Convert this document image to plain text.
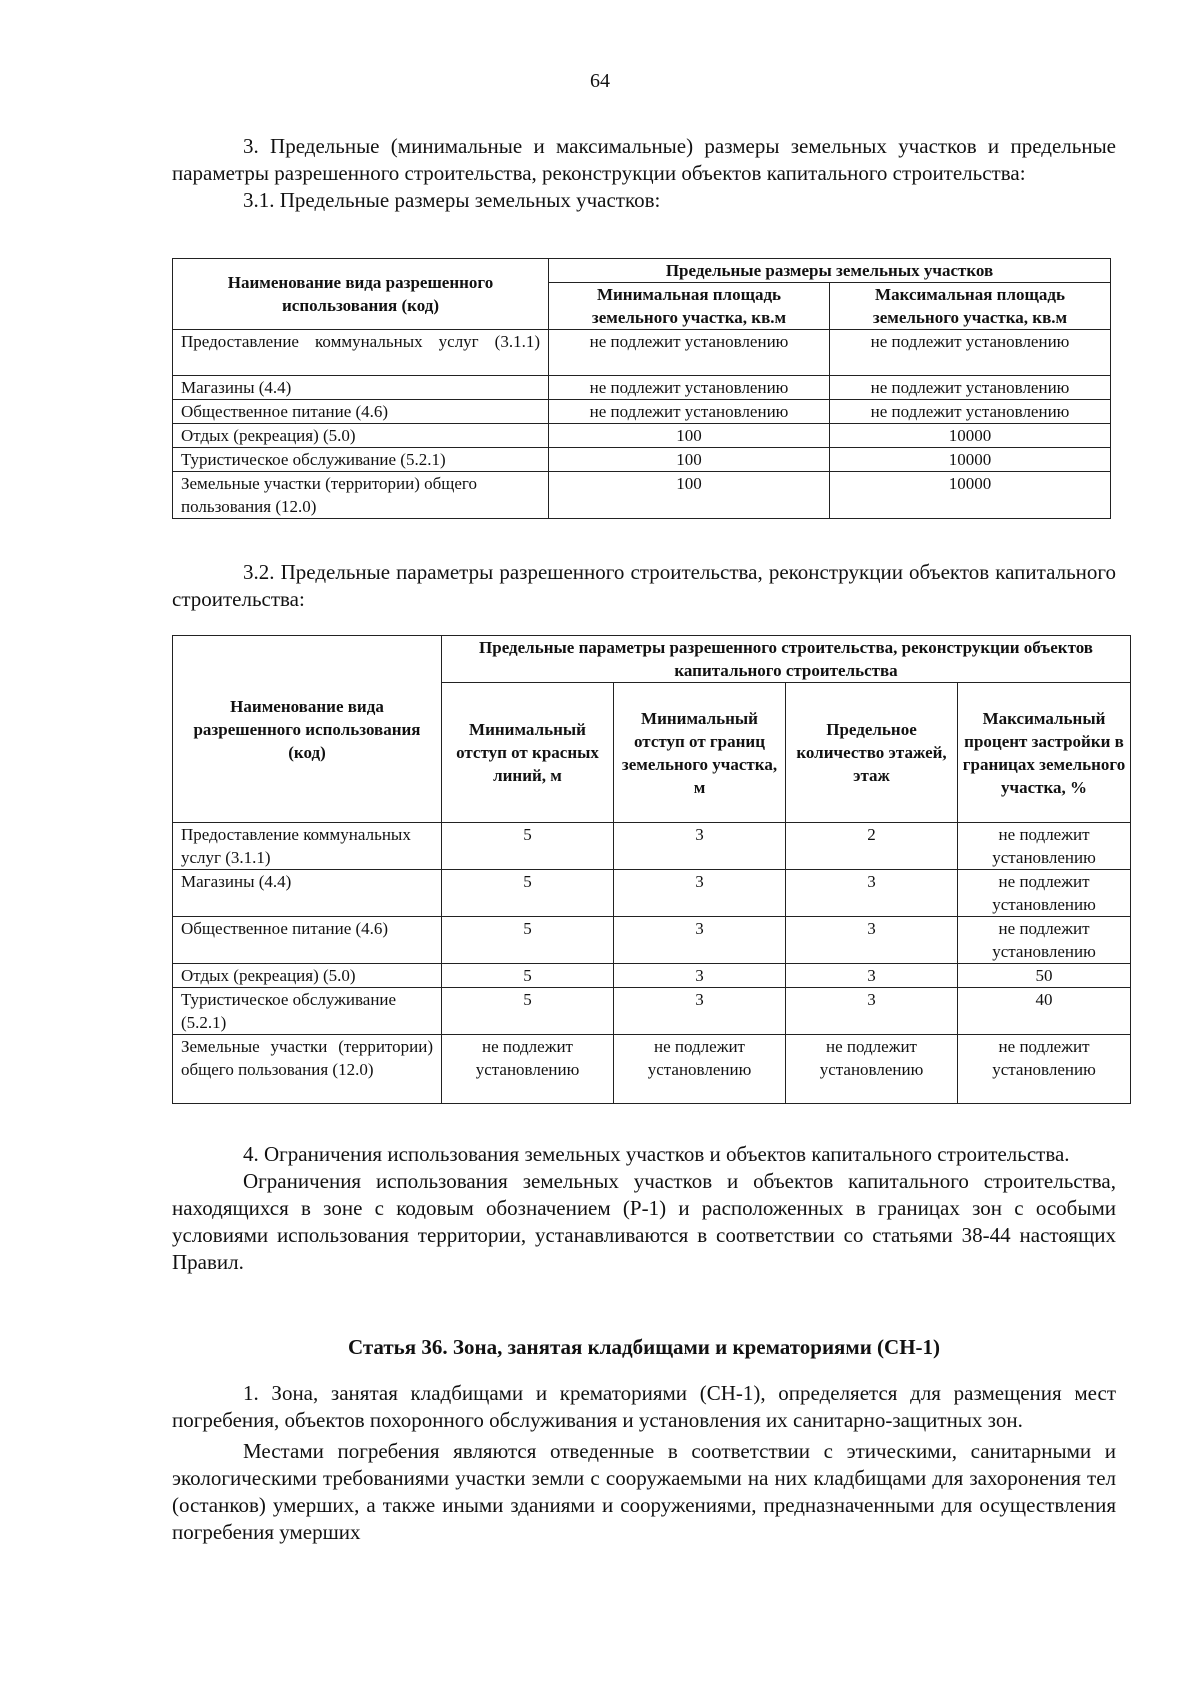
64

3. Предельные (минимальные и максимальные) размеры земельных участков и предельные параметры разрешенного строительства, реконструкции объектов капитального строительства:

3.1. Предельные размеры земельных участков:

Наименование вида разрешенного использования (код)	Предельные размеры земельных участков	
	Минимальная площадь земельного участка, кв.м	Максимальная площадь земельного участка, кв.м
Предоставление коммунальных услуг (3.1.1)	не подлежит установлению	не подлежит установлению
Магазины (4.4)	не подлежит установлению	не подлежит установлению
Общественное питание (4.6)	не подлежит установлению	не подлежит установлению
Отдых (рекреация) (5.0)	100	10000
Туристическое обслуживание (5.2.1)	100	10000
Земельные участки (территории) общего пользования (12.0)	100	10000

3.2. Предельные параметры разрешенного строительства, реконструкции объектов капитального строительства:

Наименование вида разрешенного использования (код)	Предельные параметры разрешенного строительства, реконструкции объектов капитального строительства			
	Минимальный отступ от красных линий, м	Минимальный отступ от границ земельного участка, м	Предельное количество этажей, этаж	Максимальный процент застройки в границах земельного участка, %
Предоставление коммунальных услуг (3.1.1)	5	3	2	не подлежит установлению
Магазины (4.4)	5	3	3	не подлежит установлению
Общественное питание (4.6)	5	3	3	не подлежит установлению
Отдых (рекреация) (5.0)	5	3	3	50
Туристическое обслуживание (5.2.1)	5	3	3	40
Земельные участки (территории) общего пользования (12.0)	не подлежит установлению	не подлежит установлению	не подлежит установлению	не подлежит установлению

4. Ограничения использования земельных участков и объектов капитального строительства.

Ограничения использования земельных участков и объектов капитального строительства, находящихся в зоне с кодовым обозначением (Р-1) и расположенных в границах зон с особыми условиями использования территории, устанавливаются в соответствии со статьями 38-44 настоящих Правил.

Статья 36. Зона, занятая кладбищами и крематориями (СН-1)

1. Зона, занятая кладбищами и крематориями (СН-1), определяется для размещения мест погребения, объектов похоронного обслуживания и установления их санитарно-защитных зон.

Местами погребения являются отведенные в соответствии с этическими, санитарными и экологическими требованиями участки земли с сооружаемыми на них кладбищами для захоронения тел (останков) умерших, а также иными зданиями и сооружениями, предназначенными для осуществления погребения умерших
